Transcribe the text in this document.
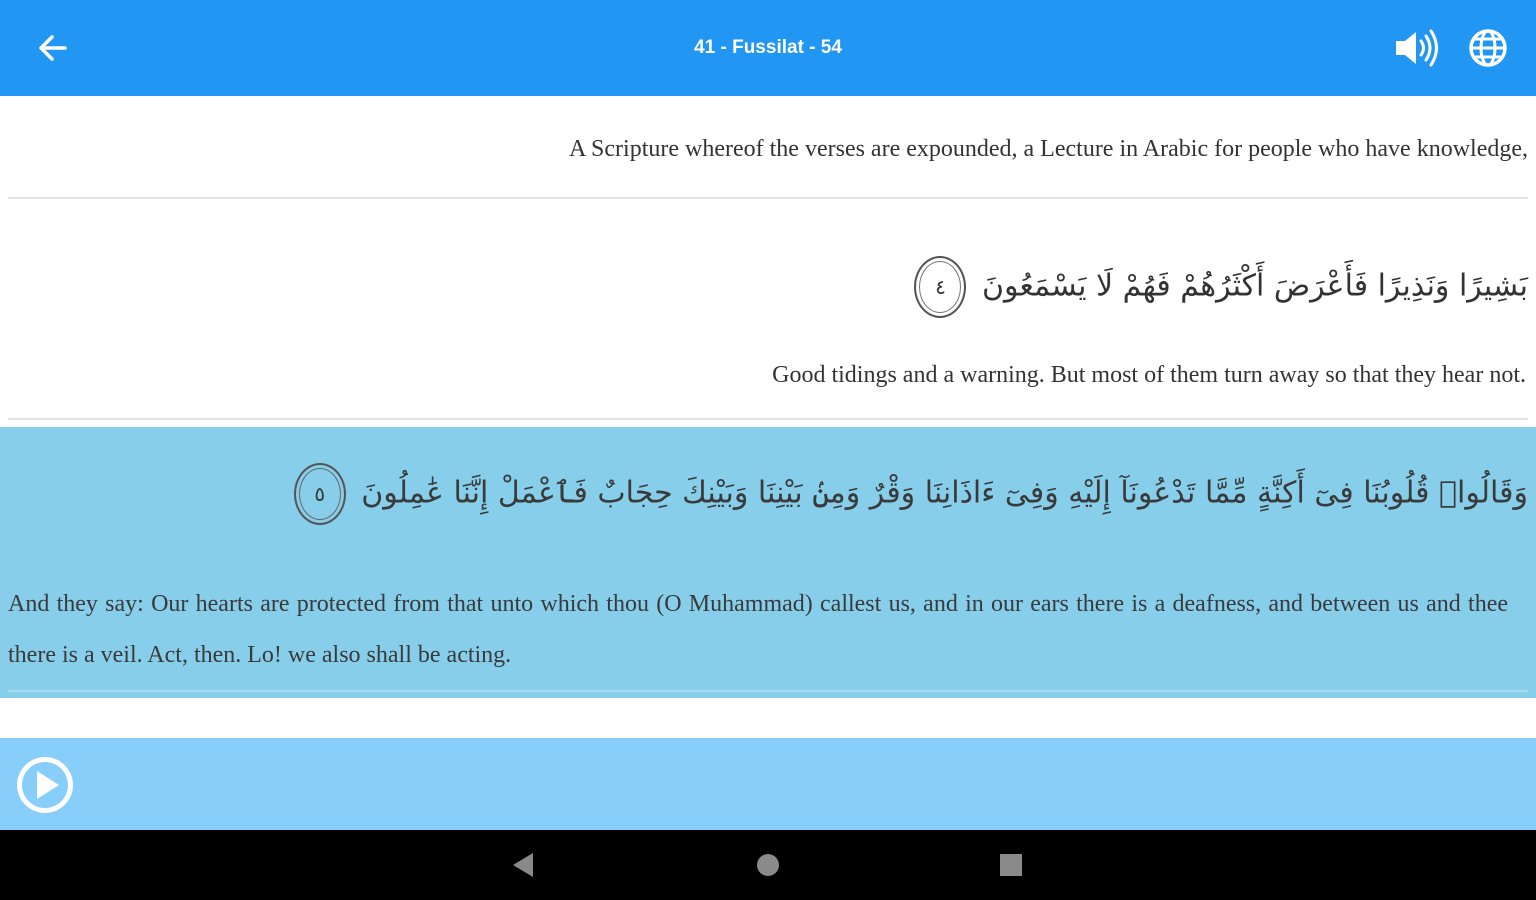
41 - Fussilat - 54
A Scripture whereof the verses are expounded, a Lecture in Arabic for people who have knowledge,
بَشِيرًا وَنَذِيرًا فَأَعْرَضَ أَكْثَرُهُمْ فَهُمْ لَا يَسْمَعُونَ ٤
Good tidings and a warning. But most of them turn away so that they hear not.
وَقَالُوا۟ قُلُوبُنَا فِىٓ أَكِنَّةٍ مِّمَّا تَدْعُونَآ إِلَيْهِ وَفِىٓ ءَاذَانِنَا وَقْرٌ وَمِنۢ بَيْنِنَا وَبَيْنِكَ حِجَابٌ فَٱعْمَلْ إِنَّنَا عَٰمِلُونَ ٥
And they say: Our hearts are protected from that unto which thou (O Muhammad) callest us, and in our ears there is a deafness, and between us and thee there is a veil. Act, then. Lo! we also shall be acting.
